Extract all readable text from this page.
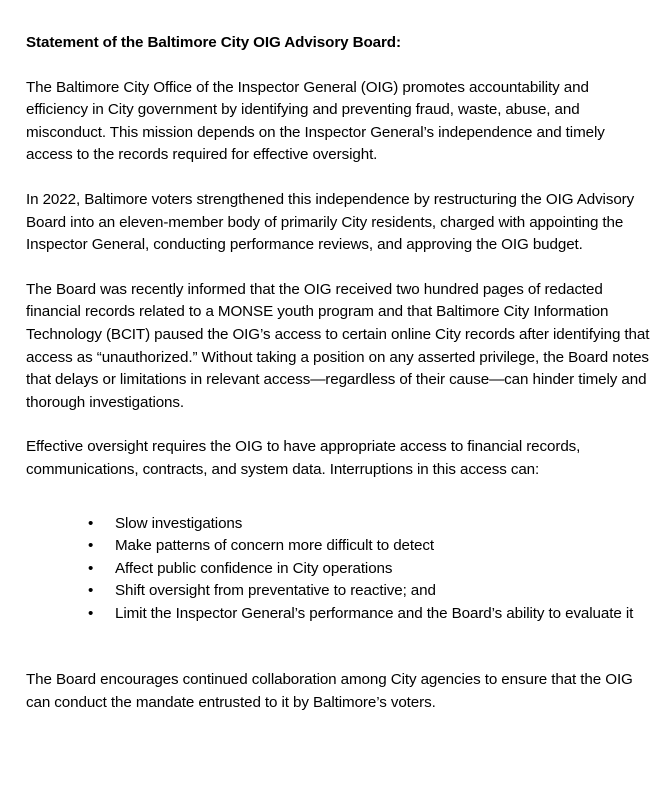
Statement of the Baltimore City OIG Advisory Board:

The Baltimore City Office of the Inspector General (OIG) promotes accountability and efficiency in City government by identifying and preventing fraud, waste, abuse, and misconduct. This mission depends on the Inspector General’s independence and timely access to the records required for effective oversight.

In 2022, Baltimore voters strengthened this independence by restructuring the OIG Advisory Board into an eleven-member body of primarily City residents, charged with appointing the Inspector General, conducting performance reviews, and approving the OIG budget.

The Board was recently informed that the OIG received two hundred pages of redacted financial records related to a MONSE youth program and that Baltimore City Information Technology (BCIT) paused the OIG’s access to certain online City records after identifying that access as “unauthorized.” Without taking a position on any asserted privilege, the Board notes that delays or limitations in relevant access—regardless of their cause—can hinder timely and thorough investigations.

Effective oversight requires the OIG to have appropriate access to financial records, communications, contracts, and system data. Interruptions in this access can:

• Slow investigations
• Make patterns of concern more difficult to detect
• Affect public confidence in City operations
• Shift oversight from preventative to reactive; and
• Limit the Inspector General’s performance and the Board’s ability to evaluate it

The Board encourages continued collaboration among City agencies to ensure that the OIG can conduct the mandate entrusted to it by Baltimore’s voters.
